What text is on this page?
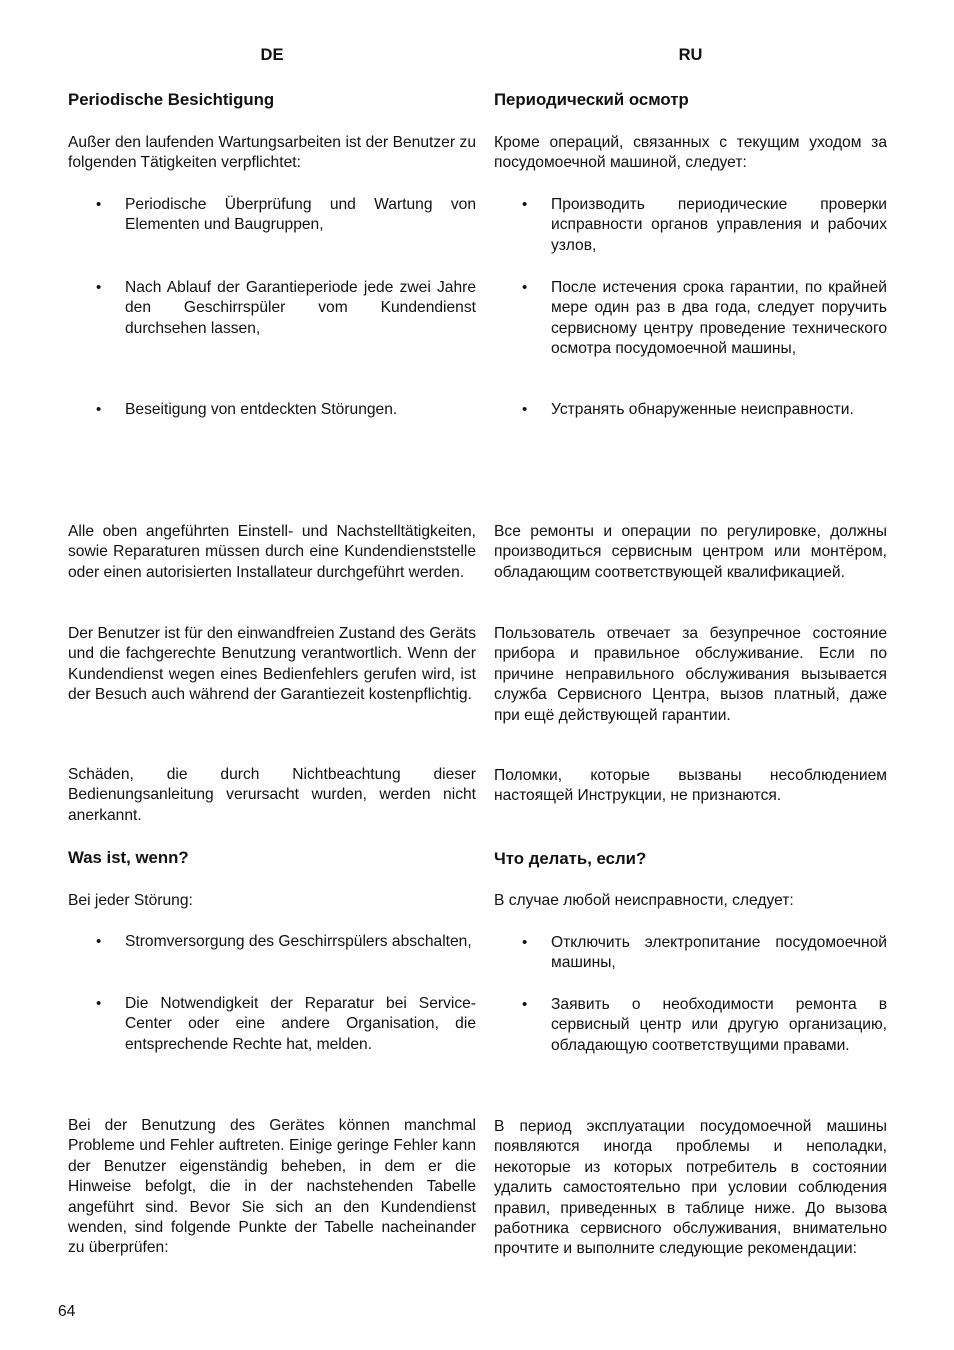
DE
Periodische Besichtigung
Außer den laufenden Wartungsarbeiten ist der Benutzer zu folgenden Tätigkeiten verpflichtet:
• Periodische Überprüfung und Wartung von Elementen und Baugruppen,
• Nach Ablauf der Garantieperiode jede zwei Jahre den Geschirrspüler vom Kundendienst durchsehen lassen,
• Beseitigung von entdeckten Störungen.
Alle oben angeführten Einstell- und Nachstelltätigkeiten, sowie Reparaturen müssen durch eine Kundendienststelle oder einen autorisierten Installateur durchgeführt werden.
Der Benutzer ist für den einwandfreien Zustand des Geräts und die fachgerechte Benutzung verantwortlich. Wenn der Kundendienst wegen eines Bedienfehlers gerufen wird, ist der Besuch auch während der Garantiezeit kostenpflichtig.
Schäden, die durch Nichtbeachtung dieser Bedienungsanleitung verursacht wurden, werden nicht anerkannt.
Was ist, wenn?
Bei jeder Störung:
• Stromversorgung des Geschirrspülers abschalten,
• Die Notwendigkeit der Reparatur bei Service-Center oder eine andere Organisation, die entsprechende Rechte hat, melden.
Bei der Benutzung des Gerätes können manchmal Probleme und Fehler auftreten. Einige geringe Fehler kann der Benutzer eigenständig beheben, in dem er die Hinweise befolgt, die in der nachstehenden Tabelle angeführt sind. Bevor Sie sich an den Kundendienst wenden, sind folgende Punkte der Tabelle nacheinander zu überprüfen:
RU
Периодический осмотр
Кроме операций, связанных с текущим уходом за посудомоечной машиной, следует:
• Производить периодические проверки исправности органов управления и рабочих узлов,
• После истечения срока гарантии, по крайней мере один раз в два года, следует поручить сервисному центру проведение технического осмотра посудомоечной машины,
• Устранять обнаруженные неисправности.
Все ремонты и операции по регулировке, должны производиться сервисным центром или монтёром, обладающим соответствующей квалификацией.
Пользователь отвечает за безупречное состояние прибора и правильное обслуживание. Если по причине неправильного обслуживания вызывается служба Сервисного Центра, вызов платный, даже при ещё действующей гарантии.
Поломки, которые вызваны несоблюдением настоящей Инструкции, не признаются.
Что делать, если?
В случае любой неисправности, следует:
• Отключить электропитание посудомоечной машины,
• Заявить о необходимости ремонта в сервисный центр или другую организацию, обладающую соответствущими правами.
В период эксплуатации посудомоечной машины появляются иногда проблемы и неполадки, некоторые из которых потребитель в состоянии удалить самостоятельно при условии соблюдения правил, приведенных в таблице ниже. До вызова работника сервисного обслуживания, внимательно прочтите и выполните следующие рекомендации:
64
